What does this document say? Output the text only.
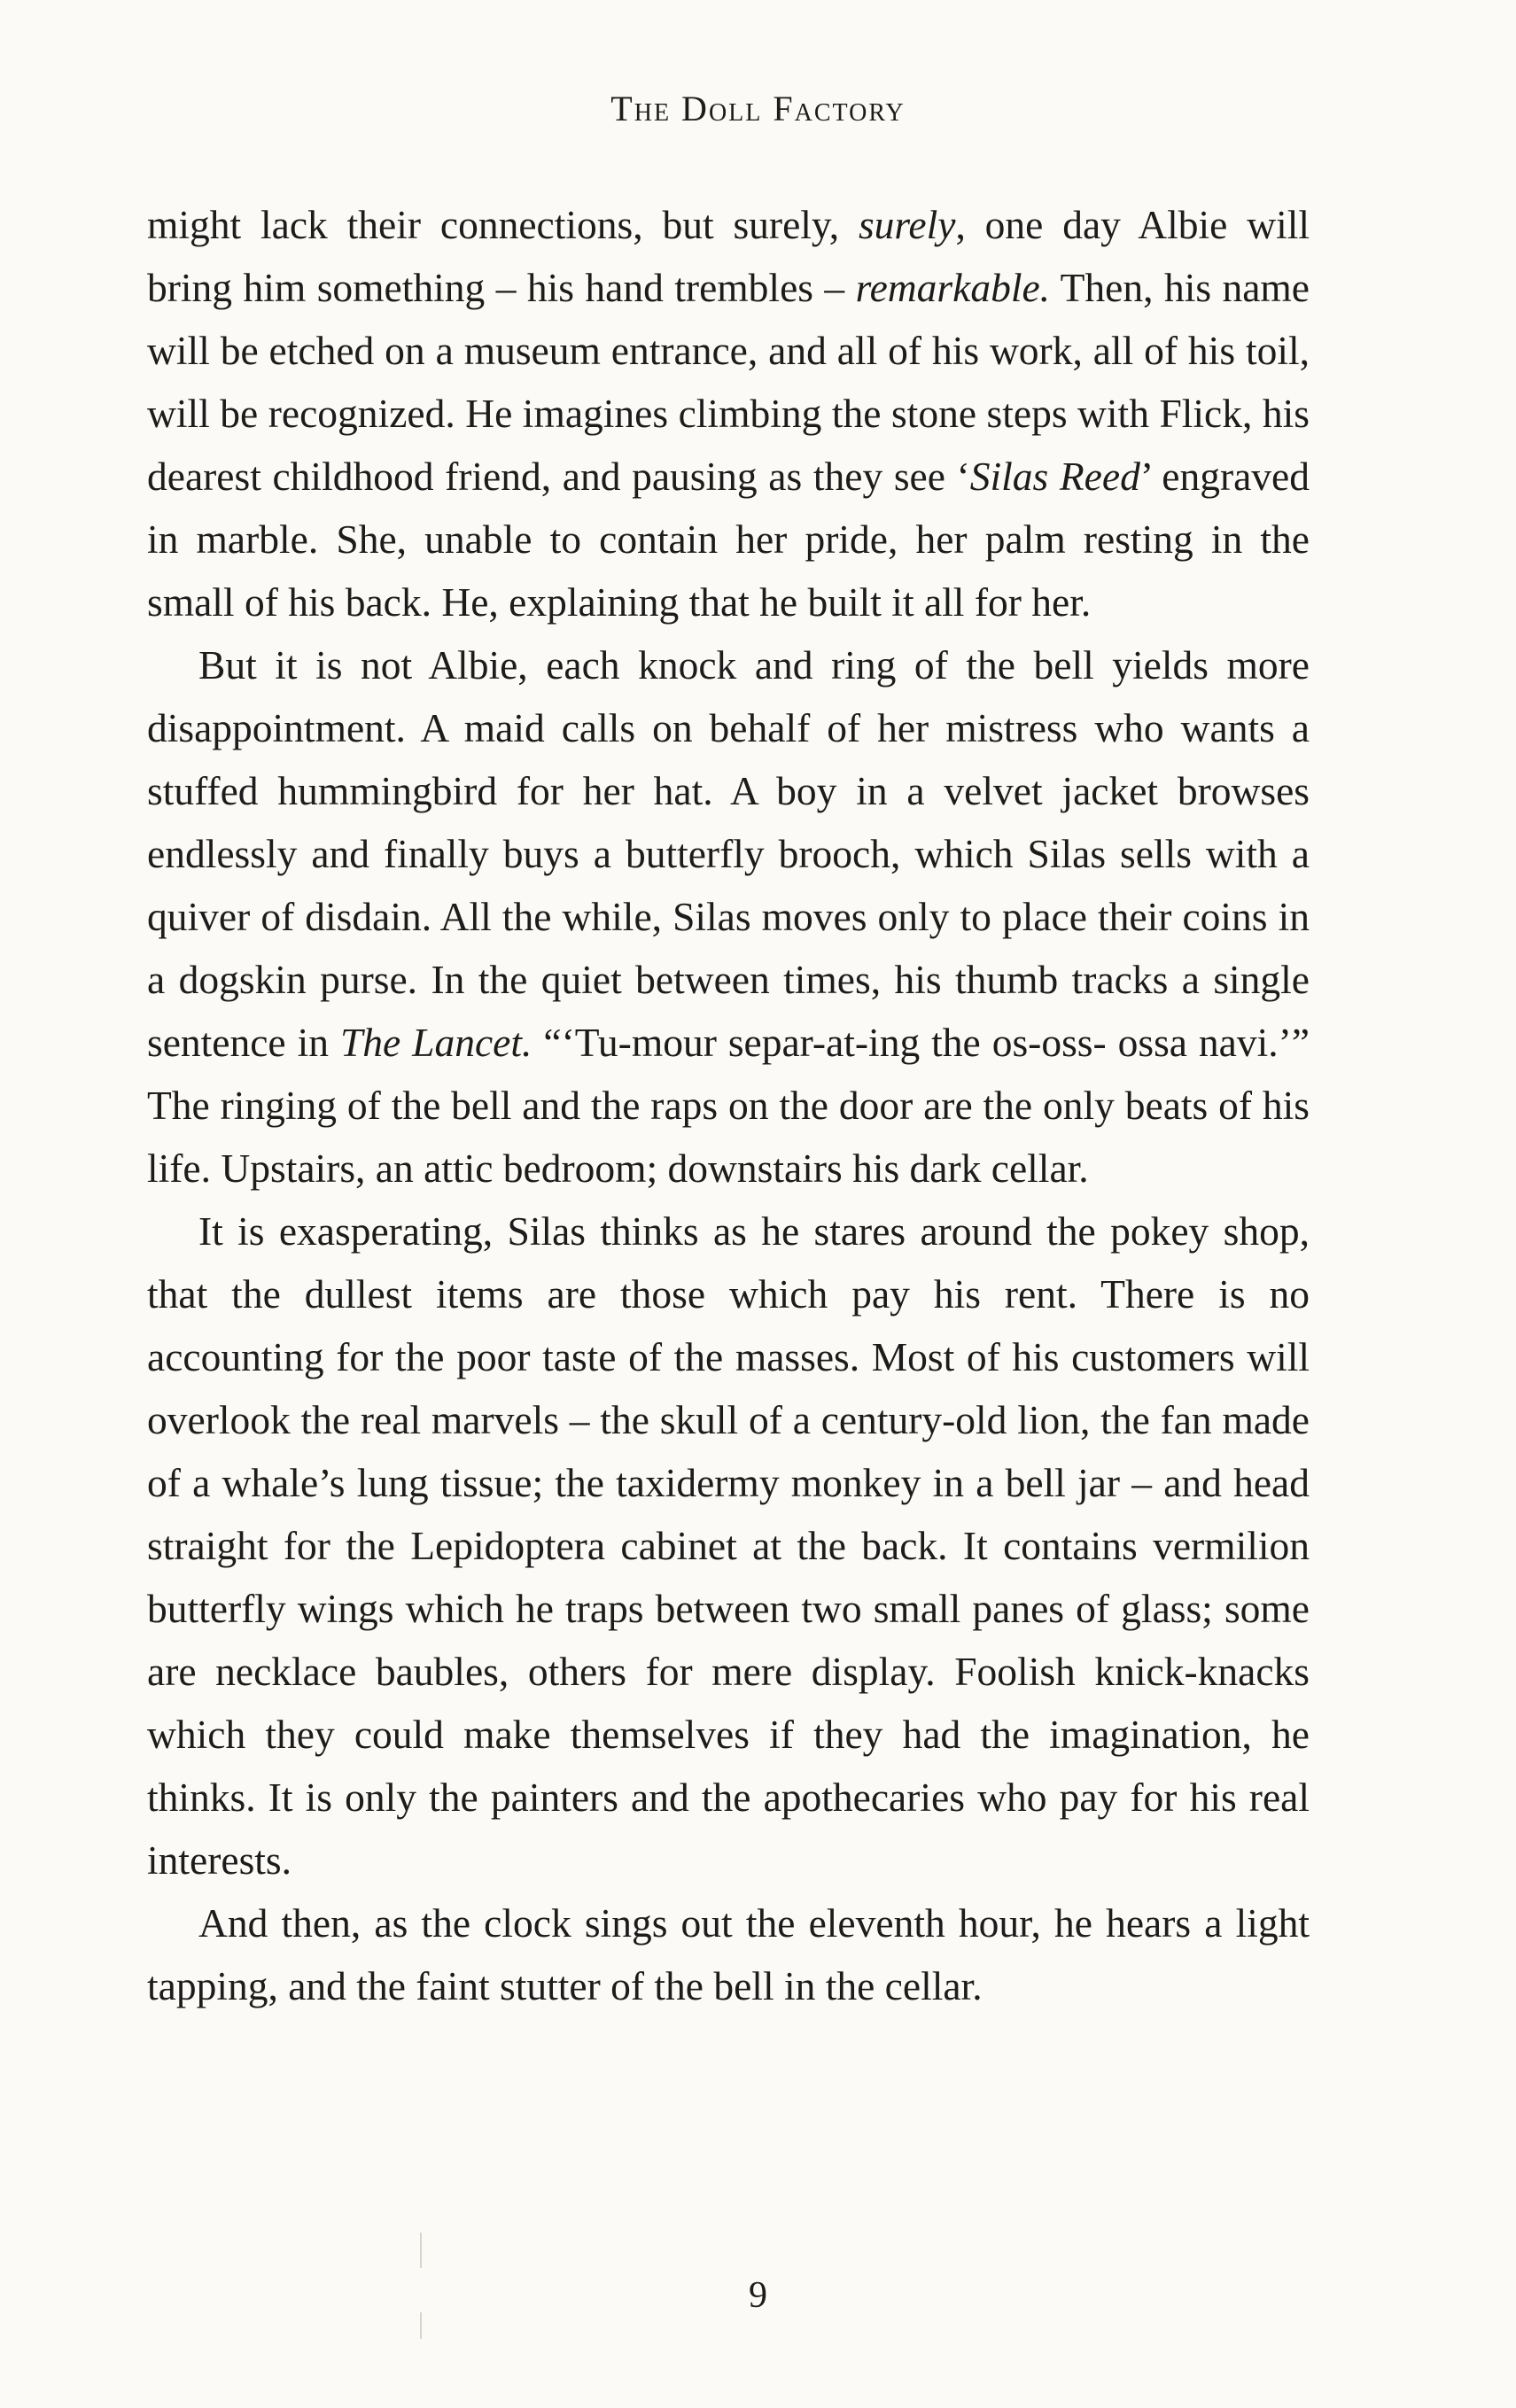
The Doll Factory

might lack their connections, but surely, surely, one day Albie will bring him something – his hand trembles – remarkable. Then, his name will be etched on a museum entrance, and all of his work, all of his toil, will be recognized. He imagines climbing the stone steps with Flick, his dearest childhood friend, and pausing as they see ‘Silas Reed’ engraved in marble. She, unable to contain her pride, her palm resting in the small of his back. He, explaining that he built it all for her.

But it is not Albie, each knock and ring of the bell yields more disappointment. A maid calls on behalf of her mistress who wants a stuffed hummingbird for her hat. A boy in a velvet jacket browses endlessly and finally buys a butterfly brooch, which Silas sells with a quiver of disdain. All the while, Silas moves only to place their coins in a dogskin purse. In the quiet between times, his thumb tracks a single sentence in The Lancet. “‘Tu-mour separ-at-ing the os-oss- ossa navi.’” The ringing of the bell and the raps on the door are the only beats of his life. Upstairs, an attic bedroom; downstairs his dark cellar.

It is exasperating, Silas thinks as he stares around the pokey shop, that the dullest items are those which pay his rent. There is no accounting for the poor taste of the masses. Most of his customers will overlook the real marvels – the skull of a century-old lion, the fan made of a whale’s lung tissue; the taxidermy monkey in a bell jar – and head straight for the Lepidoptera cabinet at the back. It contains vermilion butterfly wings which he traps between two small panes of glass; some are necklace baubles, others for mere display. Foolish knick-knacks which they could make themselves if they had the imagination, he thinks. It is only the painters and the apothecaries who pay for his real interests.

And then, as the clock sings out the eleventh hour, he hears a light tapping, and the faint stutter of the bell in the cellar.

9
